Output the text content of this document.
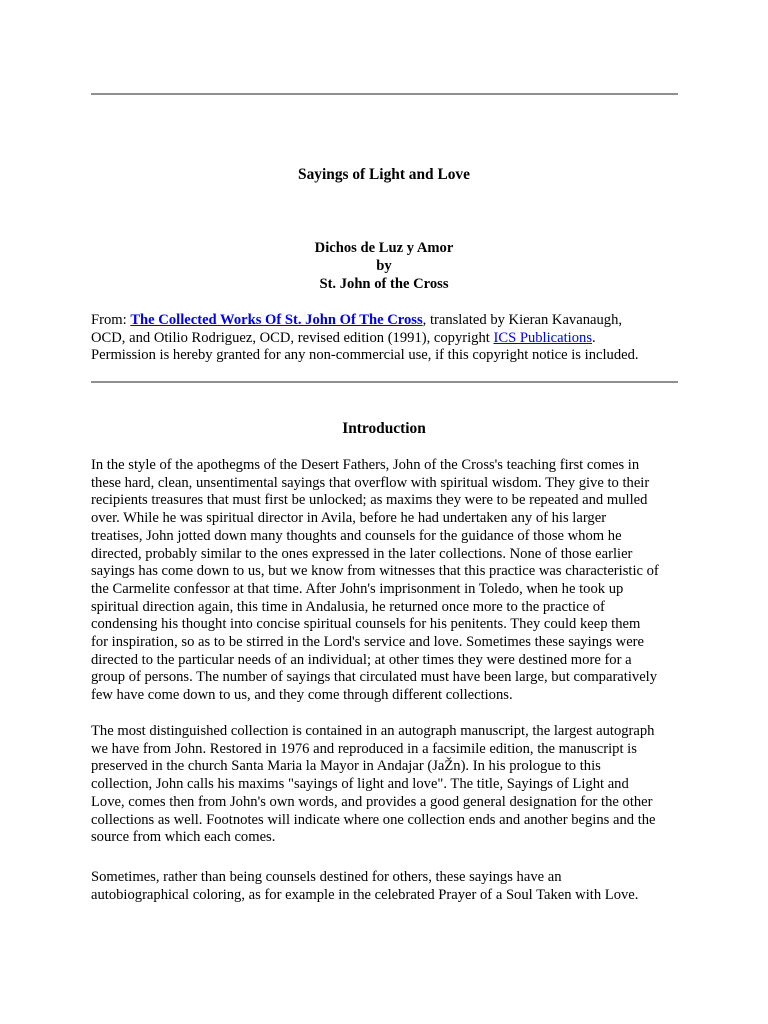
Sayings of Light and Love
Dichos de Luz y Amor
by
St. John of the Cross
From: The Collected Works Of St. John Of The Cross, translated by Kieran Kavanaugh,
OCD, and Otilio Rodriguez, OCD, revised edition (1991), copyright ICS Publications.
Permission is hereby granted for any non-commercial use, if this copyright notice is included.
Introduction
In the style of the apothegms of the Desert Fathers, John of the Cross's teaching first comes in
these hard, clean, unsentimental sayings that overflow with spiritual wisdom. They give to their
recipients treasures that must first be unlocked; as maxims they were to be repeated and mulled
over. While he was spiritual director in Avila, before he had undertaken any of his larger
treatises, John jotted down many thoughts and counsels for the guidance of those whom he
directed, probably similar to the ones expressed in the later collections. None of those earlier
sayings has come down to us, but we know from witnesses that this practice was characteristic of
the Carmelite confessor at that time. After John's imprisonment in Toledo, when he took up
spiritual direction again, this time in Andalusia, he returned once more to the practice of
condensing his thought into concise spiritual counsels for his penitents. They could keep them
for inspiration, so as to be stirred in the Lord's service and love. Sometimes these sayings were
directed to the particular needs of an individual; at other times they were destined more for a
group of persons. The number of sayings that circulated must have been large, but comparatively
few have come down to us, and they come through different collections.
The most distinguished collection is contained in an autograph manuscript, the largest autograph
we have from John. Restored in 1976 and reproduced in a facsimile edition, the manuscript is
preserved in the church Santa Maria la Mayor in Andajar (JaŽn). In his prologue to this
collection, John calls his maxims "sayings of light and love". The title, Sayings of Light and
Love, comes then from John's own words, and provides a good general designation for the other
collections as well. Footnotes will indicate where one collection ends and another begins and the
source from which each comes.
Sometimes, rather than being counsels destined for others, these sayings have an
autobiographical coloring, as for example in the celebrated Prayer of a Soul Taken with Love.
